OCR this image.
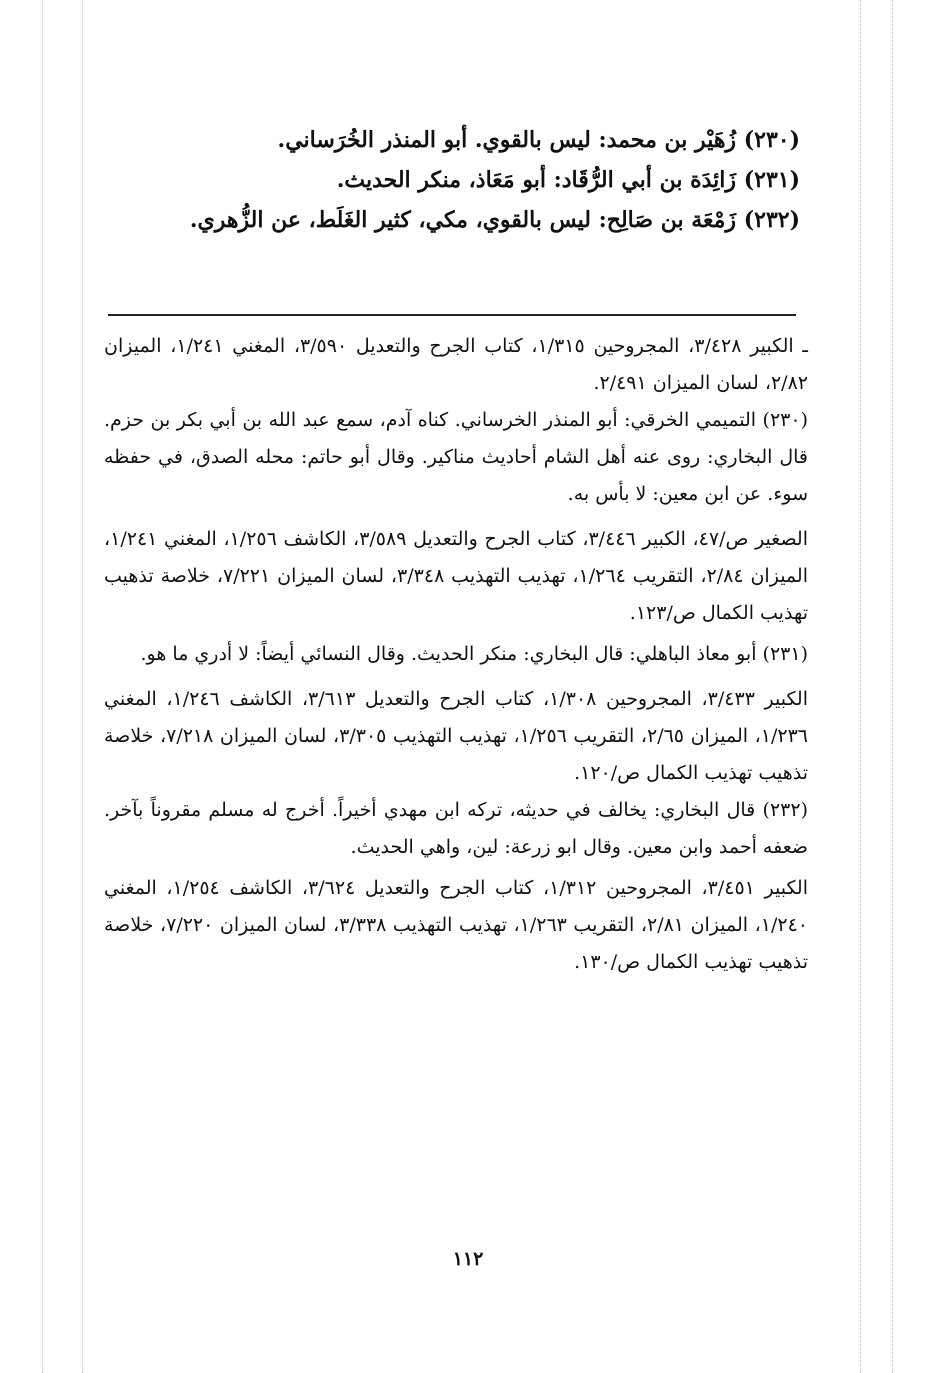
(٢٣٠) زُهَيْر بن محمد: ليس بالقوي. أبو المنذر الخُرَساني.

(٢٣١) زَائِدَة بن أبي الرُّقَاد: أبو مَعَاذ، منكر الحديث.

(٢٣٢) زَمْعَة بن صَالِح: ليس بالقوي، مكي، كثير الغَلَط، عن الزُّهري.

ـ الكبير ٣/٤٢٨، المجروحين ١/٣١٥، كتاب الجرح والتعديل ٣/٥٩٠، المغني ١/٢٤١، الميزان ٢/٨٢، لسان الميزان ٢/٤٩١.

(٢٣٠) التميمي الخرقي: أبو المنذر الخرساني. كناه آدم، سمع عبد الله بن أبي بكر بن حزم. قال البخاري: روى عنه أهل الشام أحاديث مناكير. وقال أبو حاتم: محله الصدق، في حفظه سوء. عن ابن معين: لا بأس به.

الصغير ص/٤٧، الكبير ٣/٤٤٦، كتاب الجرح والتعديل ٣/٥٨٩، الكاشف ١/٢٥٦، المغني ١/٢٤١، الميزان ٢/٨٤، التقريب ١/٢٦٤، تهذيب التهذيب ٣/٣٤٨، لسان الميزان ٧/٢٢١، خلاصة تذهيب تهذيب الكمال ص/١٢٣.

(٢٣١) أبو معاذ الباهلي: قال البخاري: منكر الحديث. وقال النسائي أيضاً: لا أدري ما هو.

الكبير ٣/٤٣٣، المجروحين ١/٣٠٨، كتاب الجرح والتعديل ٣/٦١٣، الكاشف ١/٢٤٦، المغني ١/٢٣٦، الميزان ٢/٦٥، التقريب ١/٢٥٦، تهذيب التهذيب ٣/٣٠٥، لسان الميزان ٧/٢١٨، خلاصة تذهيب تهذيب الكمال ص/١٢٠.

(٢٣٢) قال البخاري: يخالف في حديثه، تركه ابن مهدي أخيراً. أخرج له مسلم مقروناً بآخر. ضعفه أحمد وابن معين. وقال ابو زرعة: لين، واهي الحديث.

الكبير ٣/٤٥١، المجروحين ١/٣١٢، كتاب الجرح والتعديل ٣/٦٢٤، الكاشف ١/٢٥٤، المغني ١/٢٤٠، الميزان ٢/٨١، التقريب ١/٢٦٣، تهذيب التهذيب ٣/٣٣٨، لسان الميزان ٧/٢٢٠، خلاصة تذهيب تهذيب الكمال ص/١٣٠.

١١٢
